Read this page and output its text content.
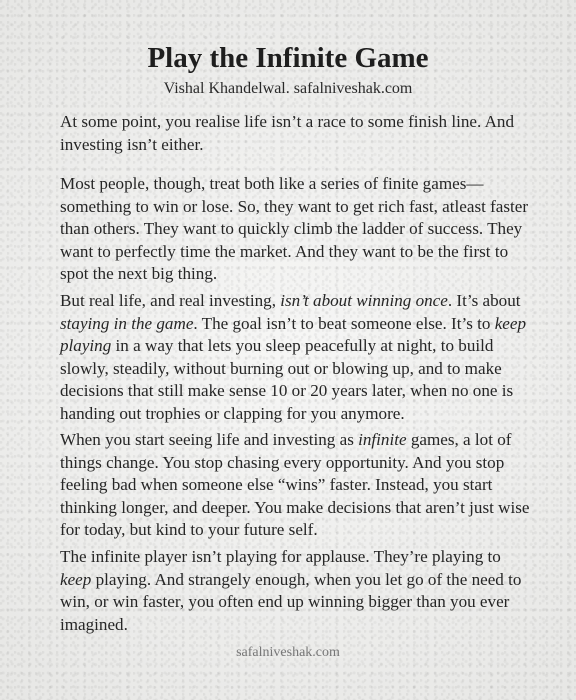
Play the Infinite Game
Vishal Khandelwal. safalniveshak.com

At some point, you realise life isn’t a race to some finish line. And investing isn’t either.

Most people, though, treat both like a series of finite games—something to win or lose. So, they want to get rich fast, atleast faster than others. They want to quickly climb the ladder of success. They want to perfectly time the market. And they want to be the first to spot the next big thing.

But real life, and real investing, isn’t about winning once. It’s about staying in the game. The goal isn’t to beat someone else. It’s to keep playing in a way that lets you sleep peacefully at night, to build slowly, steadily, without burning out or blowing up, and to make decisions that still make sense 10 or 20 years later, when no one is handing out trophies or clapping for you anymore.

When you start seeing life and investing as infinite games, a lot of things change. You stop chasing every opportunity. And you stop feeling bad when someone else “wins” faster. Instead, you start thinking longer, and deeper. You make decisions that aren’t just wise for today, but kind to your future self.

The infinite player isn’t playing for applause. They’re playing to keep playing. And strangely enough, when you let go of the need to win, or win faster, you often end up winning bigger than you ever imagined.

safalniveshak.com
